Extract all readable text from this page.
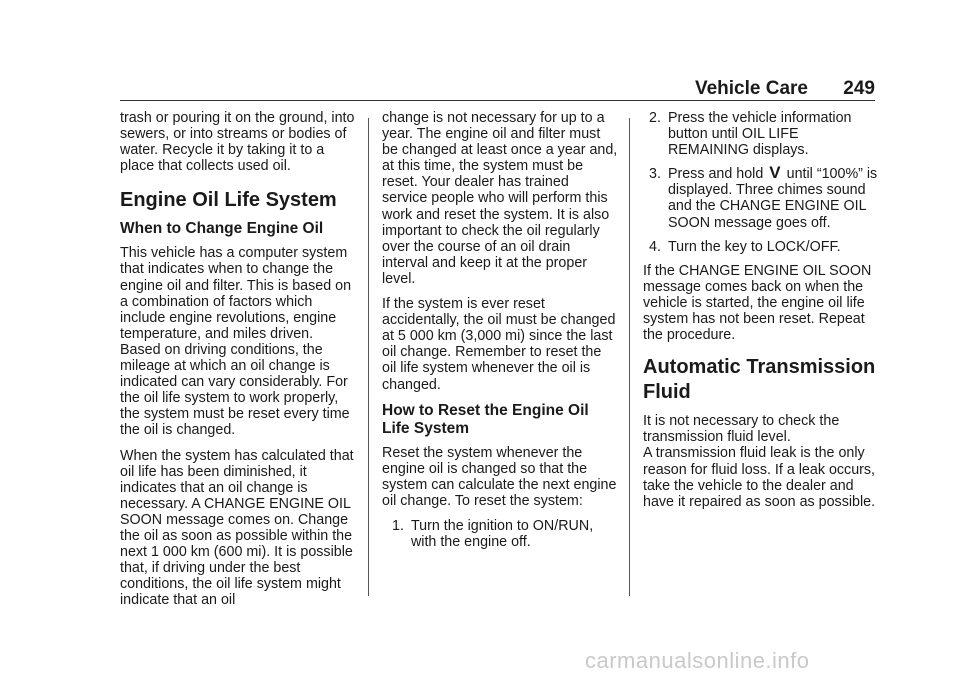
Vehicle Care 249

trash or pouring it on the ground, into sewers, or into streams or bodies of water. Recycle it by taking it to a place that collects used oil.

Engine Oil Life System
When to Change Engine Oil

This vehicle has a computer system that indicates when to change the engine oil and filter. This is based on a combination of factors which include engine revolutions, engine temperature, and miles driven. Based on driving conditions, the mileage at which an oil change is indicated can vary considerably. For the oil life system to work properly, the system must be reset every time the oil is changed.

When the system has calculated that oil life has been diminished, it indicates that an oil change is necessary. A CHANGE ENGINE OIL SOON message comes on. Change the oil as soon as possible within the next 1 000 km (600 mi). It is possible that, if driving under the best conditions, the oil life system might indicate that an oil

change is not necessary for up to a year. The engine oil and filter must be changed at least once a year and, at this time, the system must be reset. Your dealer has trained service people who will perform this work and reset the system. It is also important to check the oil regularly over the course of an oil drain interval and keep it at the proper level.

If the system is ever reset accidentally, the oil must be changed at 5 000 km (3,000 mi) since the last oil change. Remember to reset the oil life system whenever the oil is changed.

How to Reset the Engine Oil Life System

Reset the system whenever the engine oil is changed so that the system can calculate the next engine oil change. To reset the system:

1. Turn the ignition to ON/RUN, with the engine off.
2. Press the vehicle information button until OIL LIFE REMAINING displays.
3. Press and hold V until “100%” is displayed. Three chimes sound and the CHANGE ENGINE OIL SOON message goes off.
4. Turn the key to LOCK/OFF.

If the CHANGE ENGINE OIL SOON message comes back on when the vehicle is started, the engine oil life system has not been reset. Repeat the procedure.

Automatic Transmission Fluid

It is not necessary to check the transmission fluid level.

A transmission fluid leak is the only reason for fluid loss. If a leak occurs, take the vehicle to the dealer and have it repaired as soon as possible.

carmanualsonline.info
